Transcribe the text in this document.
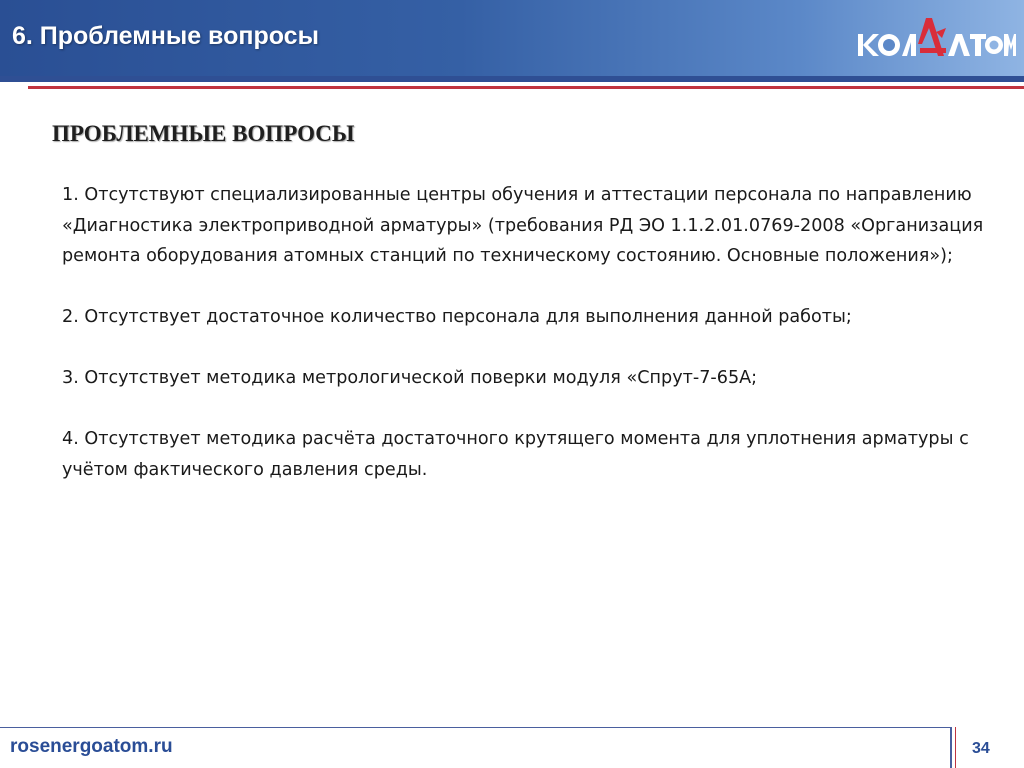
6. Проблемные вопросы
ПРОБЛЕМНЫЕ ВОПРОСЫ

1. Отсутствуют специализированные центры обучения и аттестации персонала по направлению «Диагностика электроприводной арматуры» (требования РД ЭО 1.1.2.01.0769-2008 «Организация ремонта оборудования атомных станций по техническому состоянию. Основные положения»);

2. Отсутствует достаточное количество персонала для выполнения данной работы;

3. Отсутствует методика метрологической поверки модуля «Спрут-7-65А;

4. Отсутствует методика расчёта достаточного крутящего момента для уплотнения арматуры с учётом фактического давления среды.

rosenergoatom.ru	34
